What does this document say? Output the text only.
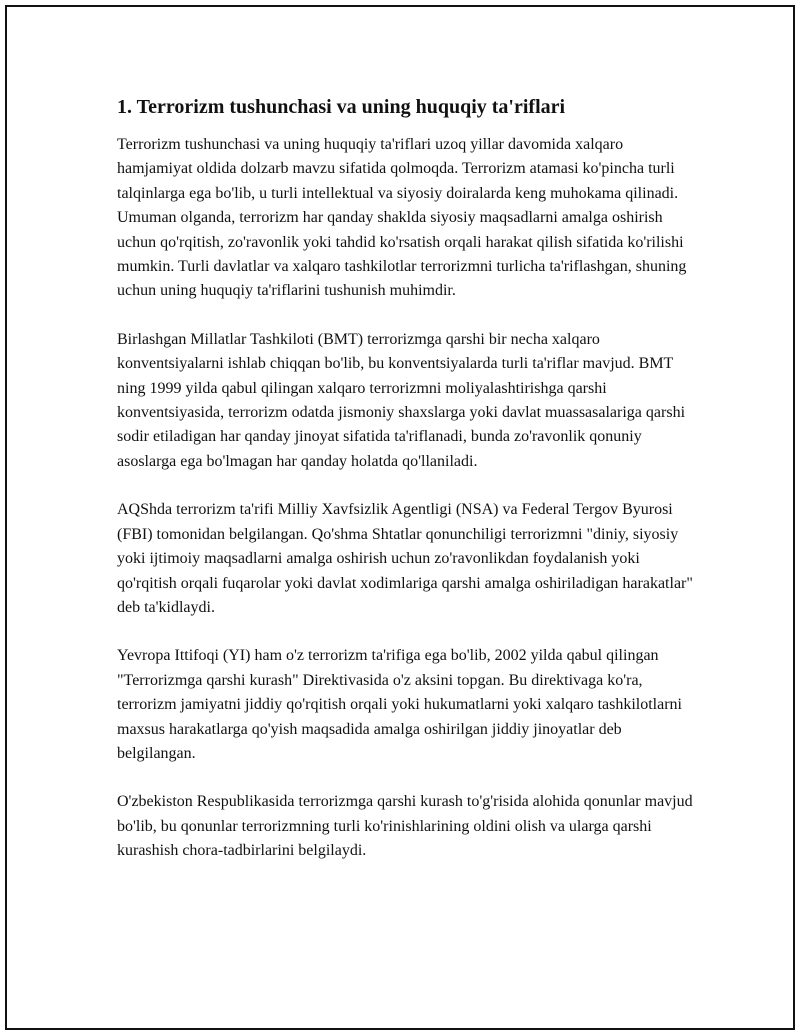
1. Terrorizm tushunchasi va uning huquqiy ta'riflari

Terrorizm tushunchasi va uning huquqiy ta'riflari uzoq yillar davomida xalqaro hamjamiyat oldida dolzarb mavzu sifatida qolmoqda. Terrorizm atamasi ko'pincha turli talqinlarga ega bo'lib, u turli intellektual va siyosiy doiralarda keng muhokama qilinadi. Umuman olganda, terrorizm har qanday shaklda siyosiy maqsadlarni amalga oshirish uchun qo'rqitish, zo'ravonlik yoki tahdid ko'rsatish orqali harakat qilish sifatida ko'rilishi mumkin. Turli davlatlar va xalqaro tashkilotlar terrorizmni turlicha ta'riflashgan, shuning uchun uning huquqiy ta'riflarini tushunish muhimdir.

Birlashgan Millatlar Tashkiloti (BMT) terrorizmga qarshi bir necha xalqaro konventsiyalarni ishlab chiqqan bo'lib, bu konventsiyalarda turli ta'riflar mavjud. BMT ning 1999 yilda qabul qilingan xalqaro terrorizmni moliyalashtirishga qarshi konventsiyasida, terrorizm odatda jismoniy shaxslarga yoki davlat muassasalariga qarshi sodir etiladigan har qanday jinoyat sifatida ta'riflanadi, bunda zo'ravonlik qonuniy asoslarga ega bo'lmagan har qanday holatda qo'llaniladi.

AQShda terrorizm ta'rifi Milliy Xavfsizlik Agentligi (NSA) va Federal Tergov Byurosi (FBI) tomonidan belgilangan. Qo'shma Shtatlar qonunchiligi terrorizmni "diniy, siyosiy yoki ijtimoiy maqsadlarni amalga oshirish uchun zo'ravonlikdan foydalanish yoki qo'rqitish orqali fuqarolar yoki davlat xodimlariga qarshi amalga oshiriladigan harakatlar" deb ta'kidlaydi.

Yevropa Ittifoqi (YI) ham o'z terrorizm ta'rifiga ega bo'lib, 2002 yilda qabul qilingan "Terrorizmga qarshi kurash" Direktivasida o'z aksini topgan. Bu direktivaga ko'ra, terrorizm jamiyatni jiddiy qo'rqitish orqali yoki hukumatlarni yoki xalqaro tashkilotlarni maxsus harakatlarga qo'yish maqsadida amalga oshirilgan jiddiy jinoyatlar deb belgilangan.

O'zbekiston Respublikasida terrorizmga qarshi kurash to'g'risida alohida qonunlar mavjud bo'lib, bu qonunlar terrorizmning turli ko'rinishlarining oldini olish va ularga qarshi kurashish chora-tadbirlarini belgilaydi.
